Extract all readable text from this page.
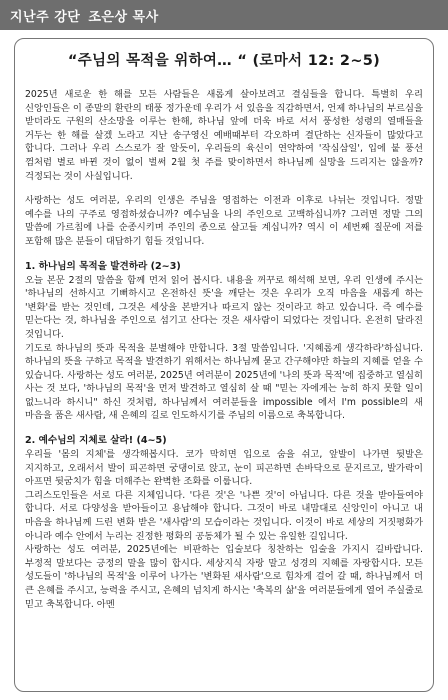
지난주 강단 조은상 목사
“주님의 목적을 위하여… “ (로마서 12: 2~5)

2025년 새로운 한 해를 모든 사람들은 새롭게 살아보려고 결심들을 합니다. 특별히 우리 신앙인들은 이 종말의 환란의 태풍 정가운데 우리가 서 있음을 직감하면서, 언제 하나님의 부르심을 받더라도 구원의 산소망을 이루는 한해, 하나님 앞에 더욱 바로 서서 풍성한 성령의 열매들을 거두는 한 해를 살겠 노라고 지난 송구영신 예배때부터 각오하며 결단하는 신자들이 많았다고 합니다. 그러나 우리 스스로가 잘 알듯이, 우리들의 육신이 연약하여 '작심삼일', 입에 붙 풍선 껌처럼 별로 바뀐 것이 없이 벌써 2월 첫 주를 맞이하면서 하나님께 실망을 드리지는 않을까? 걱정되는 것이 사실입니다.

사랑하는 성도 여러분, 우리의 인생은 주님을 영접하는 이전과 이후로 나뉘는 것입니다. 정말 예수를 나의 구주로 영접하셨습니까? 예수님을 나의 주인으로 고백하십니까? 그러면 정말 그의 말씀에 가르침에 나를 순종시키며 주인의 종으로 살고들 계십니까? 역시 이 세번째 질문에 저를 포함해 많은 분들이 대답하기 힘들 것입니다.

1. 하나님의 목적을 발견하라 (2~3)

오늘 본문 2절의 말씀을 함께 먼저 읽어 봅시다. 내용을 꺼꾸로 해석해 보면, 우리 인생에 주시는 '하나님의 선하시고 기뻐하시고 온전하신 뜻'을 깨닫는 것은 우리가 오직 마음을 새롭게 하는 '변화'를 받는 것인데, 그것은 세상을 본받거나 따르지 않는 것이라고 하고 있습니다. 즉 예수를 믿는다는 것, 하나님을 주인으로 섬기고 산다는 것은 새사람이 되었다는 것입니다. 온전히 달라진 것입니다.

기도로 하나님의 뜻과 목적을 분별해야 만합니다. 3절 말씀입니다. '지혜롭게 생각하라'하십니다. 하나님의 뜻을 구하고 목적을 발견하기 위해서는 하나님께 묻고 간구해야만 하늘의 지혜를 얻을 수 있습니다. 사랑하는 성도 여러분, 2025년 여러분이 2025년에 '나의 뜻과 목적'에 집중하고 열심히 사는 것 보다, '하나님의 목적'을 먼저 발견하고 열심히 살 때 "믿는 자에게는 능히 하지 못할 일이 없느니라 하시니" 하신 것처럼, 하나님께서 여러분들을 impossible 에서 I'm possible의 새 마음을 품은 새사람, 새 은혜의 길로 인도하시기를 주님의 이름으로 축복합니다.

2. 예수님의 지체로 살라! (4~5)

우리들 '몸의 지체'를 생각해봅시다. 코가 막히면 입으로 숨을 쉬고, 앞발이 나가면 뒷발은 지지하고, 오래서서 발이 피곤하면 궁댕이로 앉고, 눈이 피곤하면 손바닥으로 문지르고, 발가락이 아프면 뒷굼치가 힘을 더해주는 완벽한 조화를 이룹니다.

그리스도인들은 서로 다른 지체입니다. '다른 것'은 '나쁜 것'이 아닙니다. 다른 것을 받아들여야 합니다. 서로 다양성을 받아들이고 용납해야 합니다. 그것이 바로 내맘대로 신앙인이 아니고 내 마음을 하나님께 드린 변화 받은 '새사람'의 모습이라는 것입니다. 이것이 바로 세상의 거짓평화가 아니라 예수 안에서 누리는 진정한 평화의 공동체가 될 수 있는 유일한 길입니다.

사랑하는 성도 여러분, 2025년에는 비판하는 입술보다 칭찬하는 입술을 가지시 길바랍니다. 부정적 말보다는 긍정의 말을 많이 합시다. 세상지식 자랑 말고 성경의 지혜를 자랑합시다. 모든 성도들이 '하나님의 목적'을 이루어 나가는 '변화된 새사람'으로 힘차게 걸어 갈 때, 하나님께서 더 큰 은혜를 주시고, 능력을 주시고, 은혜의 넘치게 하시는 '축복의 삶'을 여러분들에게 열어 주실줄로 믿고 축복합니다. 아멘
